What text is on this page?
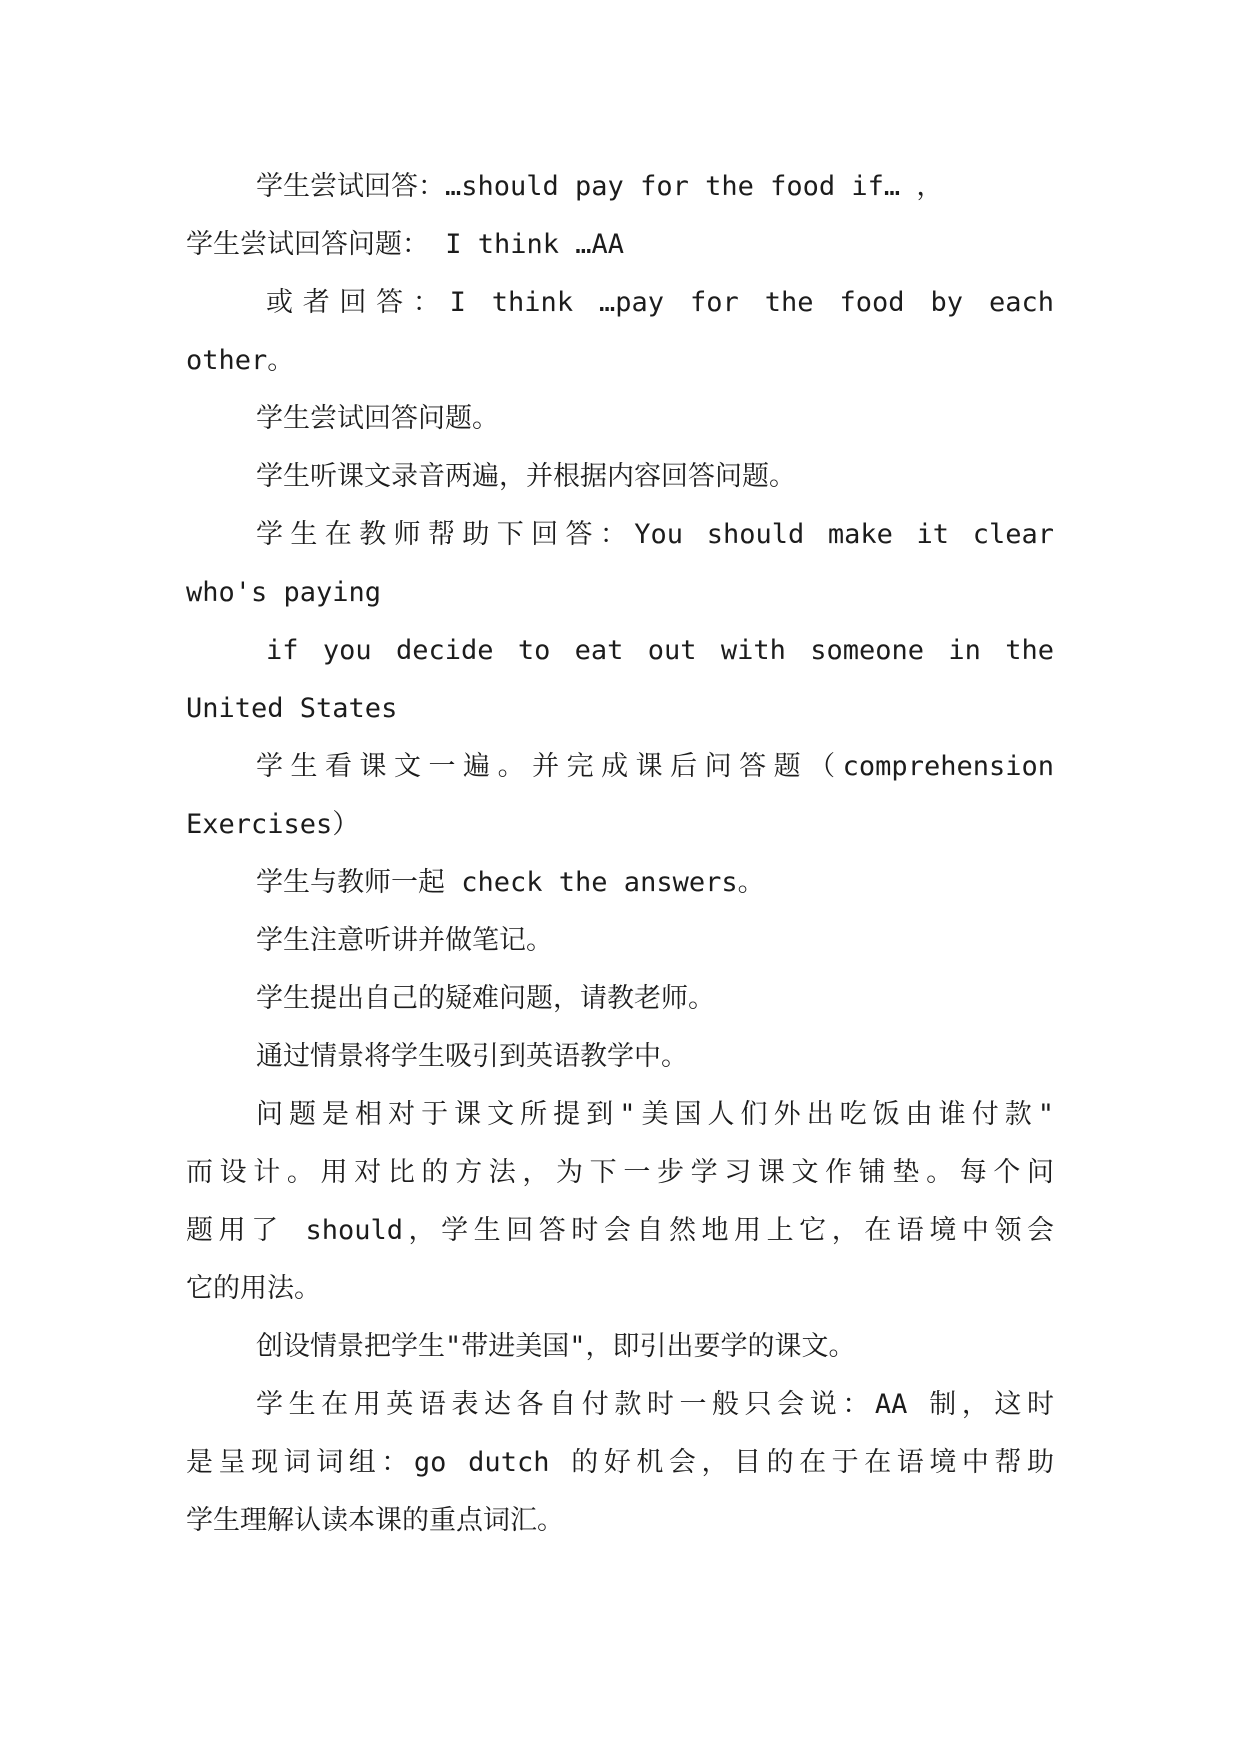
学生尝试回答：…should pay for the food if… ，
学生尝试回答问题： I think …AA
或者回答：I think …pay for the food by each
other。
学生尝试回答问题。
学生听课文录音两遍，并根据内容回答问题。
学生在教师帮助下回答：You should make it clear
who's paying
if you decide to eat out with someone in the
United States
学生看课文一遍。并完成课后问答题（comprehension
Exercises）
学生与教师一起 check the answers。
学生注意听讲并做笔记。
学生提出自己的疑难问题，请教老师。
通过情景将学生吸引到英语教学中。
问题是相对于课文所提到"美国人们外出吃饭由谁付款"
而设计。用对比的方法，为下一步学习课文作铺垫。每个问
题用了 should，学生回答时会自然地用上它，在语境中领会
它的用法。
创设情景把学生"带进美国"，即引出要学的课文。
学生在用英语表达各自付款时一般只会说：AA 制，这时
是呈现词词组：go dutch 的好机会，目的在于在语境中帮助
学生理解认读本课的重点词汇。
